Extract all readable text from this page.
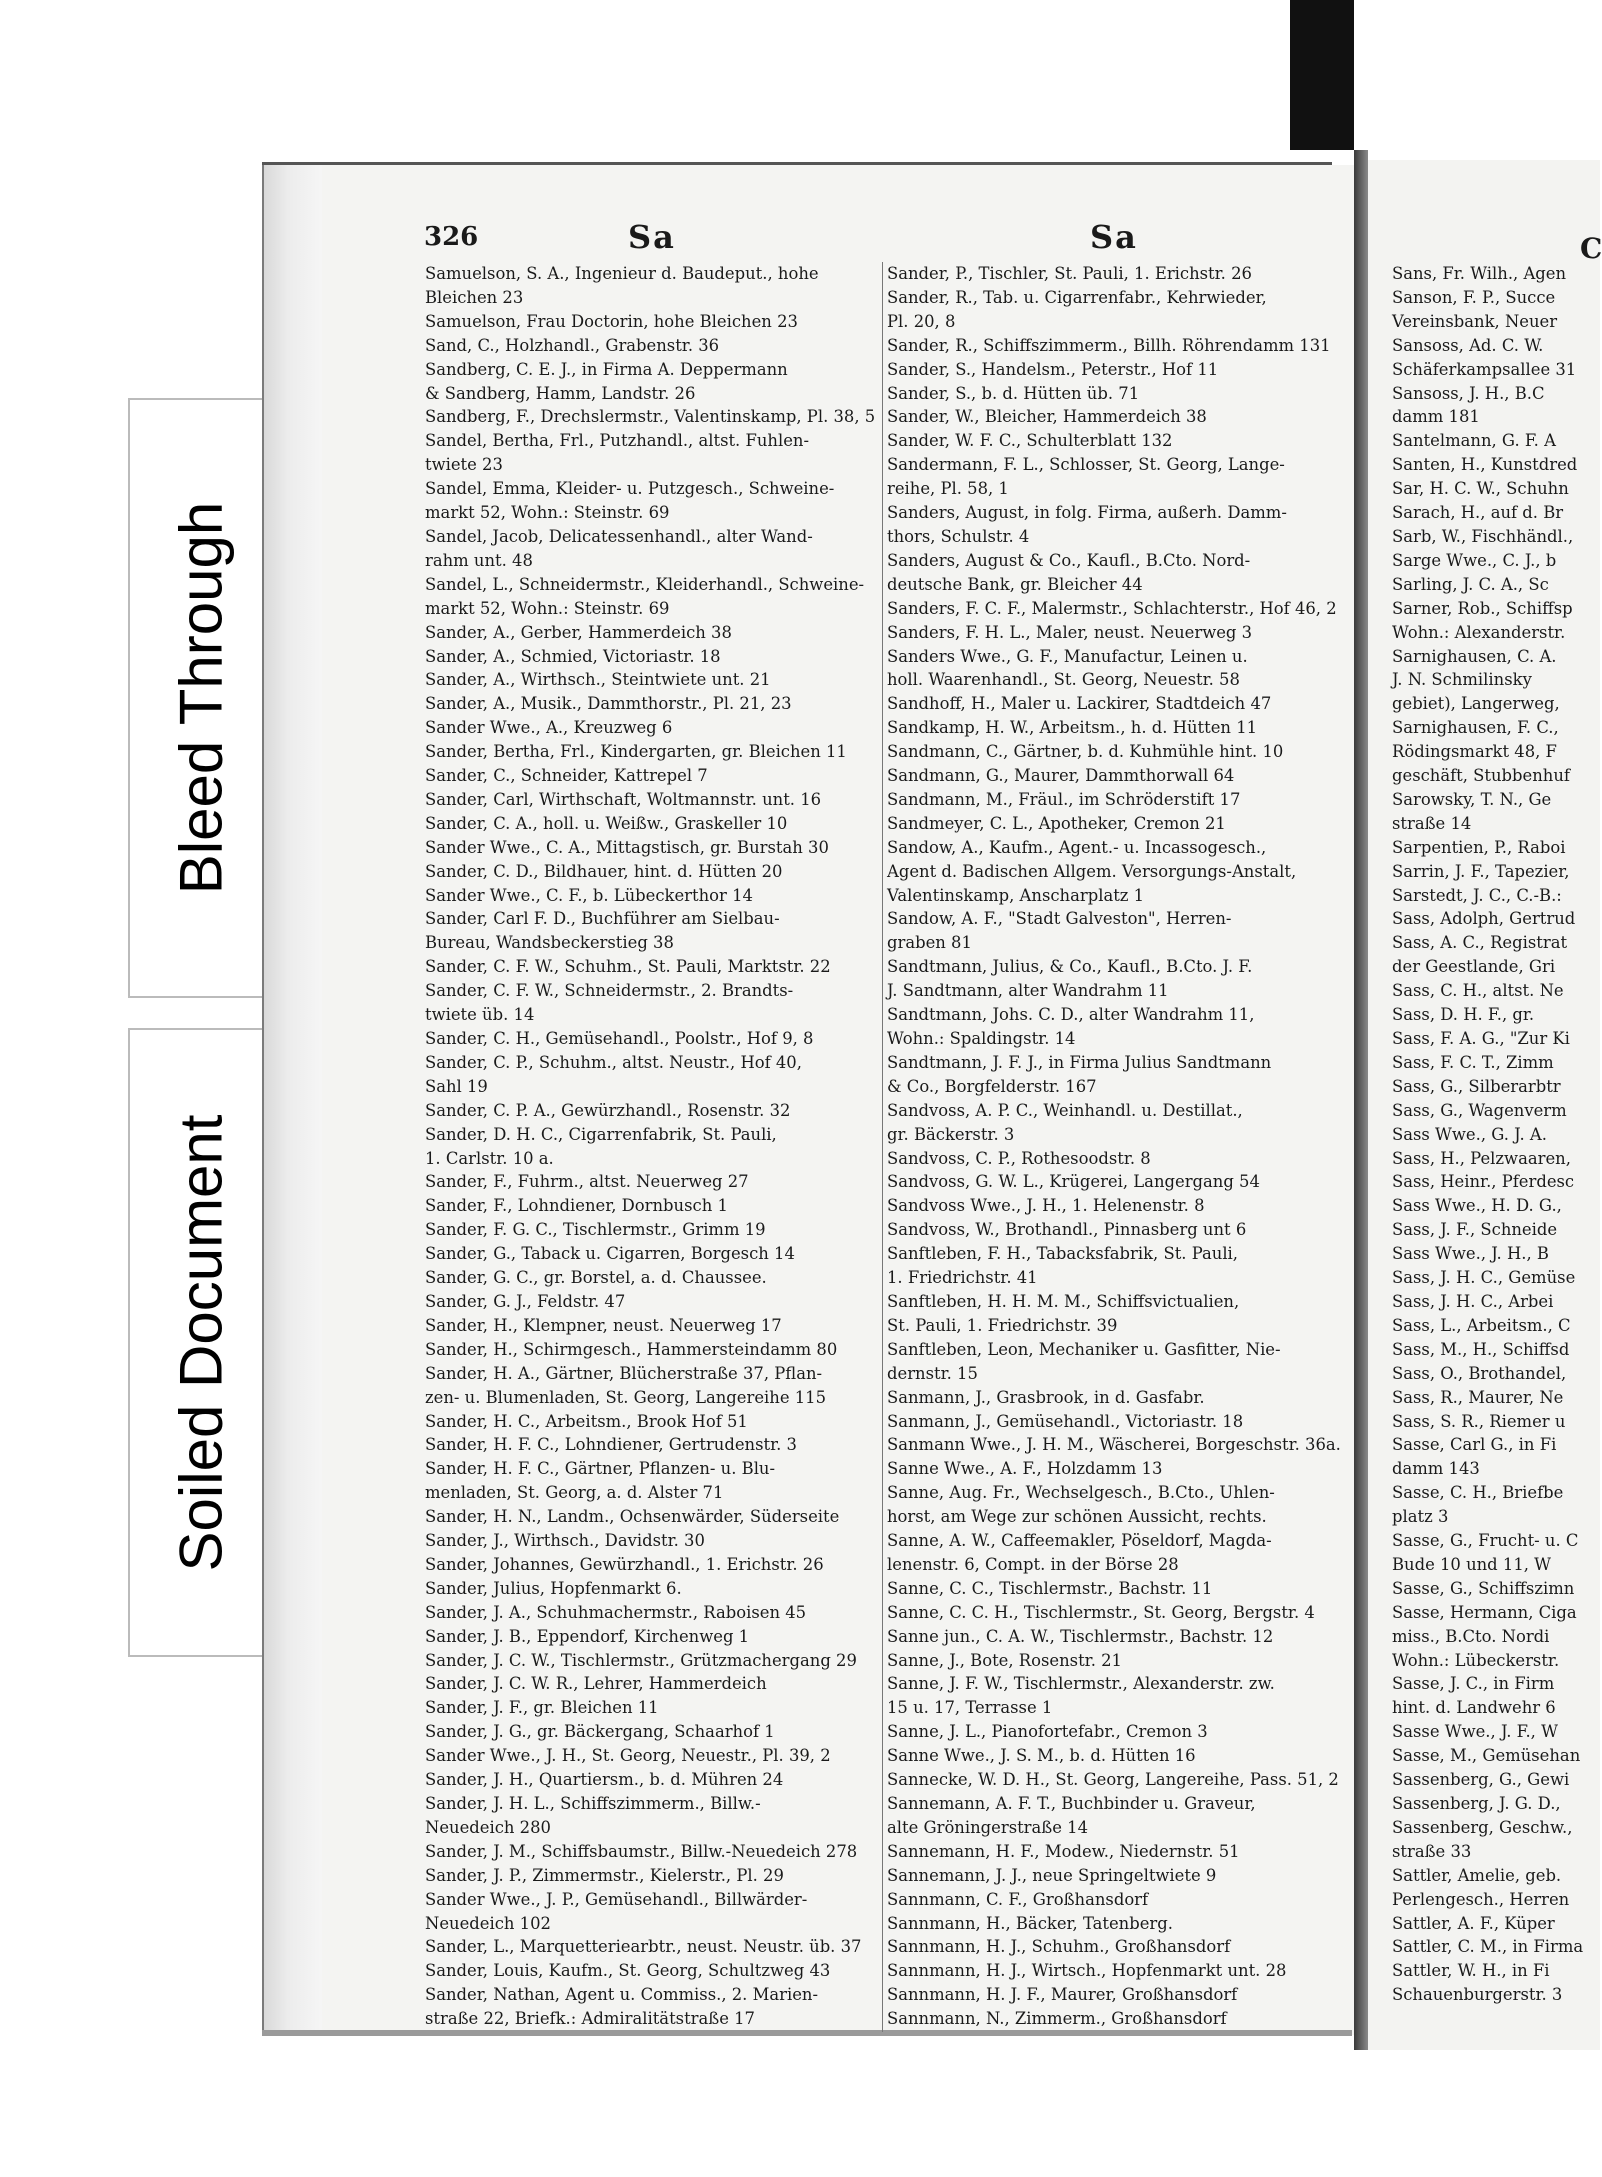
Bleed Through
Soiled Document
326	Sa	Sa	C
Samuelson, S. A., Ingenieur d. Baudeput., hohe
Bleichen 23
Samuelson, Frau Doctorin, hohe Bleichen 23
Sand, C., Holzhandl., Grabenstr. 36
Sandberg, C. E. J., in Firma A. Deppermann
& Sandberg, Hamm, Landstr. 26
Sandberg, F., Drechslermstr., Valentinskamp, Pl. 38, 5
Sandel, Bertha, Frl., Putzhandl., altst. Fuhlen-
twiete 23
Sandel, Emma, Kleider- u. Putzgesch., Schweine-
markt 52, Wohn.: Steinstr. 69
Sandel, Jacob, Delicatessenhandl., alter Wand-
rahm unt. 48
Sandel, L., Schneidermstr., Kleiderhandl., Schweine-
markt 52, Wohn.: Steinstr. 69
Sander, A., Gerber, Hammerdeich 38
Sander, A., Schmied, Victoriastr. 18
Sander, A., Wirthsch., Steintwiete unt. 21
Sander, A., Musik., Dammthorstr., Pl. 21, 23
Sander Wwe., A., Kreuzweg 6
Sander, Bertha, Frl., Kindergarten, gr. Bleichen 11
Sander, C., Schneider, Kattrepel 7
Sander, Carl, Wirthschaft, Woltmannstr. unt. 16
Sander, C. A., holl. u. Weißw., Graskeller 10
Sander Wwe., C. A., Mittagstisch, gr. Burstah 30
Sander, C. D., Bildhauer, hint. d. Hütten 20
Sander Wwe., C. F., b. Lübeckerthor 14
Sander, Carl F. D., Buchführer am Sielbau-
Bureau, Wandsbeckerstieg 38
Sander, C. F. W., Schuhm., St. Pauli, Marktstr. 22
Sander, C. F. W., Schneidermstr., 2. Brandts-
twiete üb. 14
Sander, C. H., Gemüsehandl., Poolstr., Hof 9, 8
Sander, C. P., Schuhm., altst. Neustr., Hof 40,
Sahl 19
Sander, C. P. A., Gewürzhandl., Rosenstr. 32
Sander, D. H. C., Cigarrenfabrik, St. Pauli,
1. Carlstr. 10 a.
Sander, F., Fuhrm., altst. Neuerweg 27
Sander, F., Lohndiener, Dornbusch 1
Sander, F. G. C., Tischlermstr., Grimm 19
Sander, G., Taback u. Cigarren, Borgesch 14
Sander, G. C., gr. Borstel, a. d. Chaussee.
Sander, G. J., Feldstr. 47
Sander, H., Klempner, neust. Neuerweg 17
Sander, H., Schirmgesch., Hammersteindamm 80
Sander, H. A., Gärtner, Blücherstraße 37, Pflan-
zen- u. Blumenladen, St. Georg, Langereihe 115
Sander, H. C., Arbeitsm., Brook Hof 51
Sander, H. F. C., Lohndiener, Gertrudenstr. 3
Sander, H. F. C., Gärtner, Pflanzen- u. Blu-
menladen, St. Georg, a. d. Alster 71
Sander, H. N., Landm., Ochsenwärder, Süderseite
Sander, J., Wirthsch., Davidstr. 30
Sander, Johannes, Gewürzhandl., 1. Erichstr. 26
Sander, Julius, Hopfenmarkt 6.
Sander, J. A., Schuhmachermstr., Raboisen 45
Sander, J. B., Eppendorf, Kirchenweg 1
Sander, J. C. W., Tischlermstr., Grützmachergang 29
Sander, J. C. W. R., Lehrer, Hammerdeich
Sander, J. F., gr. Bleichen 11
Sander, J. G., gr. Bäckergang, Schaarhof 1
Sander Wwe., J. H., St. Georg, Neuestr., Pl. 39, 2
Sander, J. H., Quartiersm., b. d. Mühren 24
Sander, J. H. L., Schiffszimmerm., Billw.-
Neuedeich 280
Sander, J. M., Schiffsbaumstr., Billw.-Neuedeich 278
Sander, J. P., Zimmermstr., Kielerstr., Pl. 29
Sander Wwe., J. P., Gemüsehandl., Billwärder-
Neuedeich 102
Sander, L., Marquetteriearbtr., neust. Neustr. üb. 37
Sander, Louis, Kaufm., St. Georg, Schultzweg 43
Sander, Nathan, Agent u. Commiss., 2. Marien-
straße 22, Briefk.: Admiralitätstraße 17
Sander, P., Tischler, St. Pauli, 1. Erichstr. 26
Sander, R., Tab. u. Cigarrenfabr., Kehrwieder,
Pl. 20, 8
Sander, R., Schiffszimmerm., Billh. Röhrendamm 131
Sander, S., Handelsm., Peterstr., Hof 11
Sander, S., b. d. Hütten üb. 71
Sander, W., Bleicher, Hammerdeich 38
Sander, W. F. C., Schulterblatt 132
Sandermann, F. L., Schlosser, St. Georg, Lange-
reihe, Pl. 58, 1
Sanders, August, in folg. Firma, außerh. Damm-
thors, Schulstr. 4
Sanders, August & Co., Kaufl., B.Cto. Nord-
deutsche Bank, gr. Bleicher 44
Sanders, F. C. F., Malermstr., Schlachterstr., Hof 46, 2
Sanders, F. H. L., Maler, neust. Neuerweg 3
Sanders Wwe., G. F., Manufactur, Leinen u.
holl. Waarenhandl., St. Georg, Neuestr. 58
Sandhoff, H., Maler u. Lackirer, Stadtdeich 47
Sandkamp, H. W., Arbeitsm., h. d. Hütten 11
Sandmann, C., Gärtner, b. d. Kuhmühle hint. 10
Sandmann, G., Maurer, Dammthorwall 64
Sandmann, M., Fräul., im Schröderstift 17
Sandmeyer, C. L., Apotheker, Cremon 21
Sandow, A., Kaufm., Agent.- u. Incassogesch.,
Agent d. Badischen Allgem. Versorgungs-Anstalt,
Valentinskamp, Anscharplatz 1
Sandow, A. F., "Stadt Galveston", Herren-
graben 81
Sandtmann, Julius, & Co., Kaufl., B.Cto. J. F.
J. Sandtmann, alter Wandrahm 11
Sandtmann, Johs. C. D., alter Wandrahm 11,
Wohn.: Spaldingstr. 14
Sandtmann, J. F. J., in Firma Julius Sandtmann
& Co., Borgfelderstr. 167
Sandvoss, A. P. C., Weinhandl. u. Destillat.,
gr. Bäckerstr. 3
Sandvoss, C. P., Rothesoodstr. 8
Sandvoss, G. W. L., Krügerei, Langergang 54
Sandvoss Wwe., J. H., 1. Helenenstr. 8
Sandvoss, W., Brothandl., Pinnasberg unt 6
Sanftleben, F. H., Tabacksfabrik, St. Pauli,
1. Friedrichstr. 41
Sanftleben, H. H. M. M., Schiffsvictualien,
St. Pauli, 1. Friedrichstr. 39
Sanftleben, Leon, Mechaniker u. Gasfitter, Nie-
dernstr. 15
Sanmann, J., Grasbrook, in d. Gasfabr.
Sanmann, J., Gemüsehandl., Victoriastr. 18
Sanmann Wwe., J. H. M., Wäscherei, Borgeschstr. 36a.
Sanne Wwe., A. F., Holzdamm 13
Sanne, Aug. Fr., Wechselgesch., B.Cto., Uhlen-
horst, am Wege zur schönen Aussicht, rechts.
Sanne, A. W., Caffeemakler, Pöseldorf, Magda-
lenenstr. 6, Compt. in der Börse 28
Sanne, C. C., Tischlermstr., Bachstr. 11
Sanne, C. C. H., Tischlermstr., St. Georg, Bergstr. 4
Sanne jun., C. A. W., Tischlermstr., Bachstr. 12
Sanne, J., Bote, Rosenstr. 21
Sanne, J. F. W., Tischlermstr., Alexanderstr. zw.
15 u. 17, Terrasse 1
Sanne, J. L., Pianofortefabr., Cremon 3
Sanne Wwe., J. S. M., b. d. Hütten 16
Sannecke, W. D. H., St. Georg, Langereihe, Pass. 51, 2
Sannemann, A. F. T., Buchbinder u. Graveur,
alte Gröningerstraße 14
Sannemann, H. F., Modew., Niedernstr. 51
Sannemann, J. J., neue Springeltwiete 9
Sannmann, C. F., Großhansdorf
Sannmann, H., Bäcker, Tatenberg.
Sannmann, H. J., Schuhm., Großhansdorf
Sannmann, H. J., Wirtsch., Hopfenmarkt unt. 28
Sannmann, H. J. F., Maurer, Großhansdorf
Sannmann, N., Zimmerm., Großhansdorf
Sans, Fr. Wilh., Agen
Sanson, F. P., Succe
Vereinsbank, Neuer
Sansoss, Ad. C. W.
Schäferkampsallee 31
Sansoss, J. H., B.C
damm 181
Santelmann, G. F. A
Santen, H., Kunstdred
Sar, H. C. W., Schuhn
Sarach, H., auf d. Br
Sarb, W., Fischhändl.,
Sarge Wwe., C. J., b
Sarling, J. C. A., Sc
Sarner, Rob., Schiffsp
Wohn.: Alexanderstr.
Sarnighausen, C. A.
J. N. Schmilinsky
gebiet), Langerweg,
Sarnighausen, F. C.,
Rödingsmarkt 48, F
geschäft, Stubbenhuf
Sarowsky, T. N., Ge
straße 14
Sarpentien, P., Raboi
Sarrin, J. F., Tapezier,
Sarstedt, J. C., C.-B.:
Sass, Adolph, Gertrud
Sass, A. C., Registrat
der Geestlande, Gri
Sass, C. H., altst. Ne
Sass, D. H. F., gr.
Sass, F. A. G., "Zur Ki
Sass, F. C. T., Zimm
Sass, G., Silberarbtr
Sass, G., Wagenverm
Sass Wwe., G. J. A.
Sass, H., Pelzwaaren,
Sass, Heinr., Pferdesc
Sass Wwe., H. D. G.,
Sass, J. F., Schneide
Sass Wwe., J. H., B
Sass, J. H. C., Gemüse
Sass, J. H. C., Arbei
Sass, L., Arbeitsm., C
Sass, M., H., Schiffsd
Sass, O., Brothandel,
Sass, R., Maurer, Ne
Sass, S. R., Riemer u
Sasse, Carl G., in Fi
damm 143
Sasse, C. H., Briefbe
platz 3
Sasse, G., Frucht- u. C
Bude 10 und 11, W
Sasse, G., Schiffszimn
Sasse, Hermann, Ciga
miss., B.Cto. Nordi
Wohn.: Lübeckerstr.
Sasse, J. C., in Firm
hint. d. Landwehr 6
Sasse Wwe., J. F., W
Sasse, M., Gemüsehan
Sassenberg, G., Gewi
Sassenberg, J. G. D.,
Sassenberg, Geschw.,
straße 33
Sattler, Amelie, geb.
Perlengesch., Herren
Sattler, A. F., Küper
Sattler, C. M., in Firma
Sattler, W. H., in Fi
Schauenburgerstr. 3
